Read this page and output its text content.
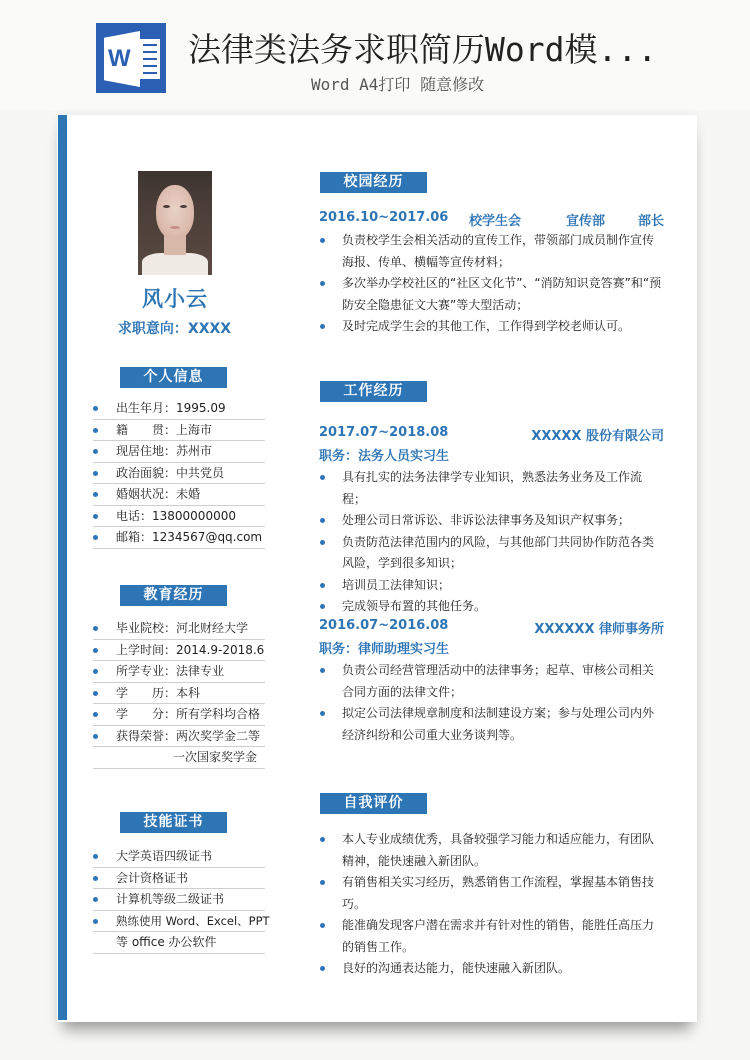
W 法律类法务求职简历Word模...
Word A4打印 随意修改
风小云
求职意向：XXXX
个人信息
出生年月：1995.09
籍　　贯：上海市
现居住地：苏州市
政治面貌：中共党员
婚姻状况：未婚
电话：13800000000
邮箱：1234567@qq.com
教育经历
毕业院校：河北财经大学
上学时间：2014.9-2018.6
所学专业：法律专业
学　　历：本科
学　　分：所有学科均合格
获得荣誉：两次奖学金二等
一次国家奖学金
技能证书
大学英语四级证书
会计资格证书
计算机等级二级证书
熟练使用 Word、Excel、PPT
等 office 办公软件
校园经历
2016.10~2017.06 校学生会	宣传部	部长
负责校学生会相关活动的宣传工作，带领部门成员制作宣传海报、传单、横幅等宣传材料；
多次举办学校社区的“社区文化节”、“消防知识竞答赛”和“预防安全隐患征文大赛”等大型活动；
及时完成学生会的其他工作，工作得到学校老师认可。
工作经历
2017.07~2018.08	XXXXX 股份有限公司
职务：法务人员实习生
具有扎实的法务法律学专业知识，熟悉法务业务及工作流程；
处理公司日常诉讼、非诉讼法律事务及知识产权事务；
负责防范法律范围内的风险，与其他部门共同协作防范各类风险，学到很多知识；
培训员工法律知识；
完成领导布置的其他任务。
2016.07~2016.08	XXXXXX 律师事务所
职务：律师助理实习生
负责公司经营管理活动中的法律事务；起草、审核公司相关合同方面的法律文件；
拟定公司法律规章制度和法制建设方案；参与处理公司内外经济纠纷和公司重大业务谈判等。
自我评价
本人专业成绩优秀，具备较强学习能力和适应能力，有团队精神，能快速融入新团队。
有销售相关实习经历，熟悉销售工作流程，掌握基本销售技巧。
能准确发现客户潜在需求并有针对性的销售，能胜任高压力的销售工作。
良好的沟通表达能力，能快速融入新团队。
